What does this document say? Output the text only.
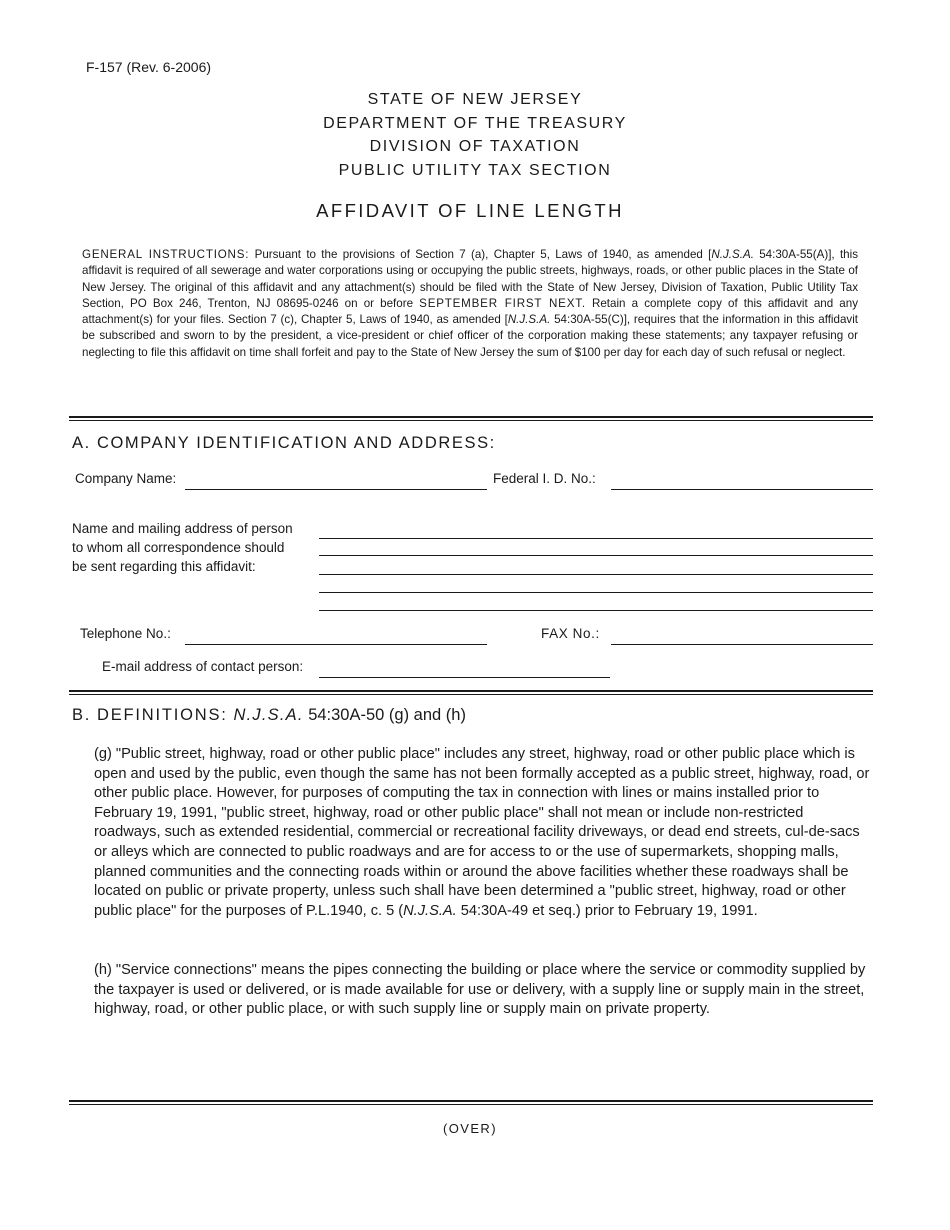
F-157 (Rev. 6-2006)
STATE OF NEW JERSEY
DEPARTMENT OF THE TREASURY
DIVISION OF TAXATION
PUBLIC UTILITY TAX SECTION
AFFIDAVIT OF LINE LENGTH
GENERAL INSTRUCTIONS: Pursuant to the provisions of Section 7 (a), Chapter 5, Laws of 1940, as amended [N.J.S.A. 54:30A-55(A)], this affidavit is required of all sewerage and water corporations using or occupying the public streets, highways, roads, or other public places in the State of New Jersey. The original of this affidavit and any attachment(s) should be filed with the State of New Jersey, Division of Taxation, Public Utility Tax Section, PO Box 246, Trenton, NJ 08695-0246 on or before SEPTEMBER FIRST NEXT. Retain a complete copy of this affidavit and any attachment(s) for your files. Section 7 (c), Chapter 5, Laws of 1940, as amended [N.J.S.A. 54:30A-55(C)], requires that the information in this affidavit be subscribed and sworn to by the president, a vice-president or chief officer of the corporation making these statements; any taxpayer refusing or neglecting to file this affidavit on time shall forfeit and pay to the State of New Jersey the sum of $100 per day for each day of such refusal or neglect.
A. COMPANY IDENTIFICATION AND ADDRESS:
Company Name:	Federal I. D. No.:
Name and mailing address of person
to whom all correspondence should
be sent regarding this affidavit:
Telephone No.:	FAX No.:
E-mail address of contact person:
B. DEFINITIONS: N.J.S.A. 54:30A-50 (g) and (h)
(g) "Public street, highway, road or other public place" includes any street, highway, road or other public place which is open and used by the public, even though the same has not been formally accepted as a public street, highway, road, or other public place. However, for purposes of computing the tax in connection with lines or mains installed prior to February 19, 1991, "public street, highway, road or other public place" shall not mean or include non-restricted roadways, such as extended residential, commercial or recreational facility driveways, or dead end streets, cul-de-sacs or alleys which are connected to public roadways and are for access to or the use of supermarkets, shopping malls, planned communities and the connecting roads within or around the above facilities whether these roadways shall be located on public or private property, unless such shall have been determined a "public street, highway, road or other public place" for the purposes of P.L.1940, c. 5 (N.J.S.A. 54:30A-49 et seq.) prior to February 19, 1991.
(h) "Service connections" means the pipes connecting the building or place where the service or commodity supplied by the taxpayer is used or delivered, or is made available for use or delivery, with a supply line or supply main in the street, highway, road, or other public place, or with such supply line or supply main on private property.
(OVER)
